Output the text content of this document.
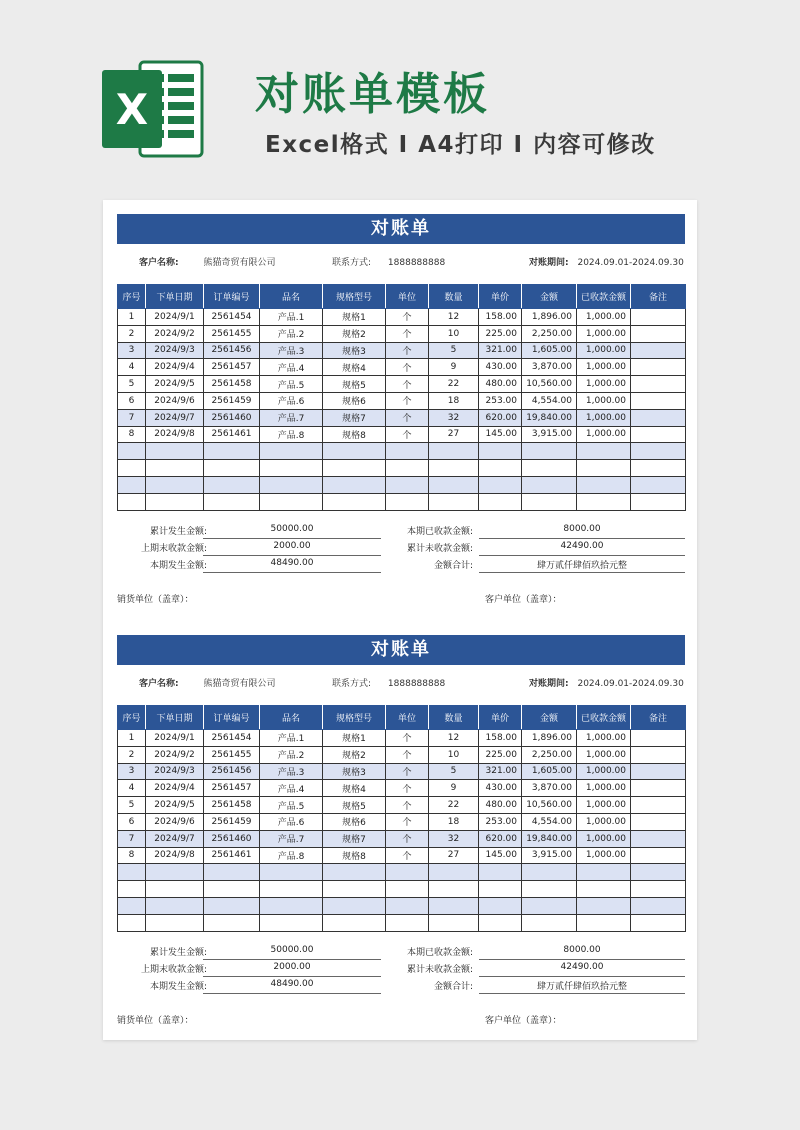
X 对账单模板
Excel格式 I A4打印 I 内容可修改
对账单
客户名称:	熊猫奇贸有限公司	联系方式: 1888888888	对账期间: 2024.09.01-2024.09.30
序号	下单日期	订单编号	品名	规格型号	单位	数量	单价	金额	已收款金额	备注
1	2024/9/1	2561454	产品.1	规格1	个	12	158.00	1,896.00	1,000.00	
2	2024/9/2	2561455	产品.2	规格2	个	10	225.00	2,250.00	1,000.00	
3	2024/9/3	2561456	产品.3	规格3	个	5	321.00	1,605.00	1,000.00	
4	2024/9/4	2561457	产品.4	规格4	个	9	430.00	3,870.00	1,000.00	
5	2024/9/5	2561458	产品.5	规格5	个	22	480.00	10,560.00	1,000.00	
6	2024/9/6	2561459	产品.6	规格6	个	18	253.00	4,554.00	1,000.00	
7	2024/9/7	2561460	产品.7	规格7	个	32	620.00	19,840.00	1,000.00	
8	2024/9/8	2561461	产品.8	规格8	个	27	145.00	3,915.00	1,000.00	

累计发生金额:	50000.00
上期末收款金额:	2000.00
本期发生金额:	48490.00
本期已收款金额:	8000.00
累计未收款金额:	42490.00
金额合计:	肆万贰仟肆佰玖拾元整
销货单位（盖章）：	客户单位（盖章）：
对账单
客户名称:	熊猫奇贸有限公司	联系方式: 1888888888	对账期间: 2024.09.01-2024.09.30
序号	下单日期	订单编号	品名	规格型号	单位	数量	单价	金额	已收款金额	备注
1	2024/9/1	2561454	产品.1	规格1	个	12	158.00	1,896.00	1,000.00	
2	2024/9/2	2561455	产品.2	规格2	个	10	225.00	2,250.00	1,000.00	
3	2024/9/3	2561456	产品.3	规格3	个	5	321.00	1,605.00	1,000.00	
4	2024/9/4	2561457	产品.4	规格4	个	9	430.00	3,870.00	1,000.00	
5	2024/9/5	2561458	产品.5	规格5	个	22	480.00	10,560.00	1,000.00	
6	2024/9/6	2561459	产品.6	规格6	个	18	253.00	4,554.00	1,000.00	
7	2024/9/7	2561460	产品.7	规格7	个	32	620.00	19,840.00	1,000.00	
8	2024/9/8	2561461	产品.8	规格8	个	27	145.00	3,915.00	1,000.00	

累计发生金额:	50000.00
上期末收款金额:	2000.00
本期发生金额:	48490.00
本期已收款金额:	8000.00
累计未收款金额:	42490.00
金额合计:	肆万贰仟肆佰玖拾元整
销货单位（盖章）：	客户单位（盖章）：
